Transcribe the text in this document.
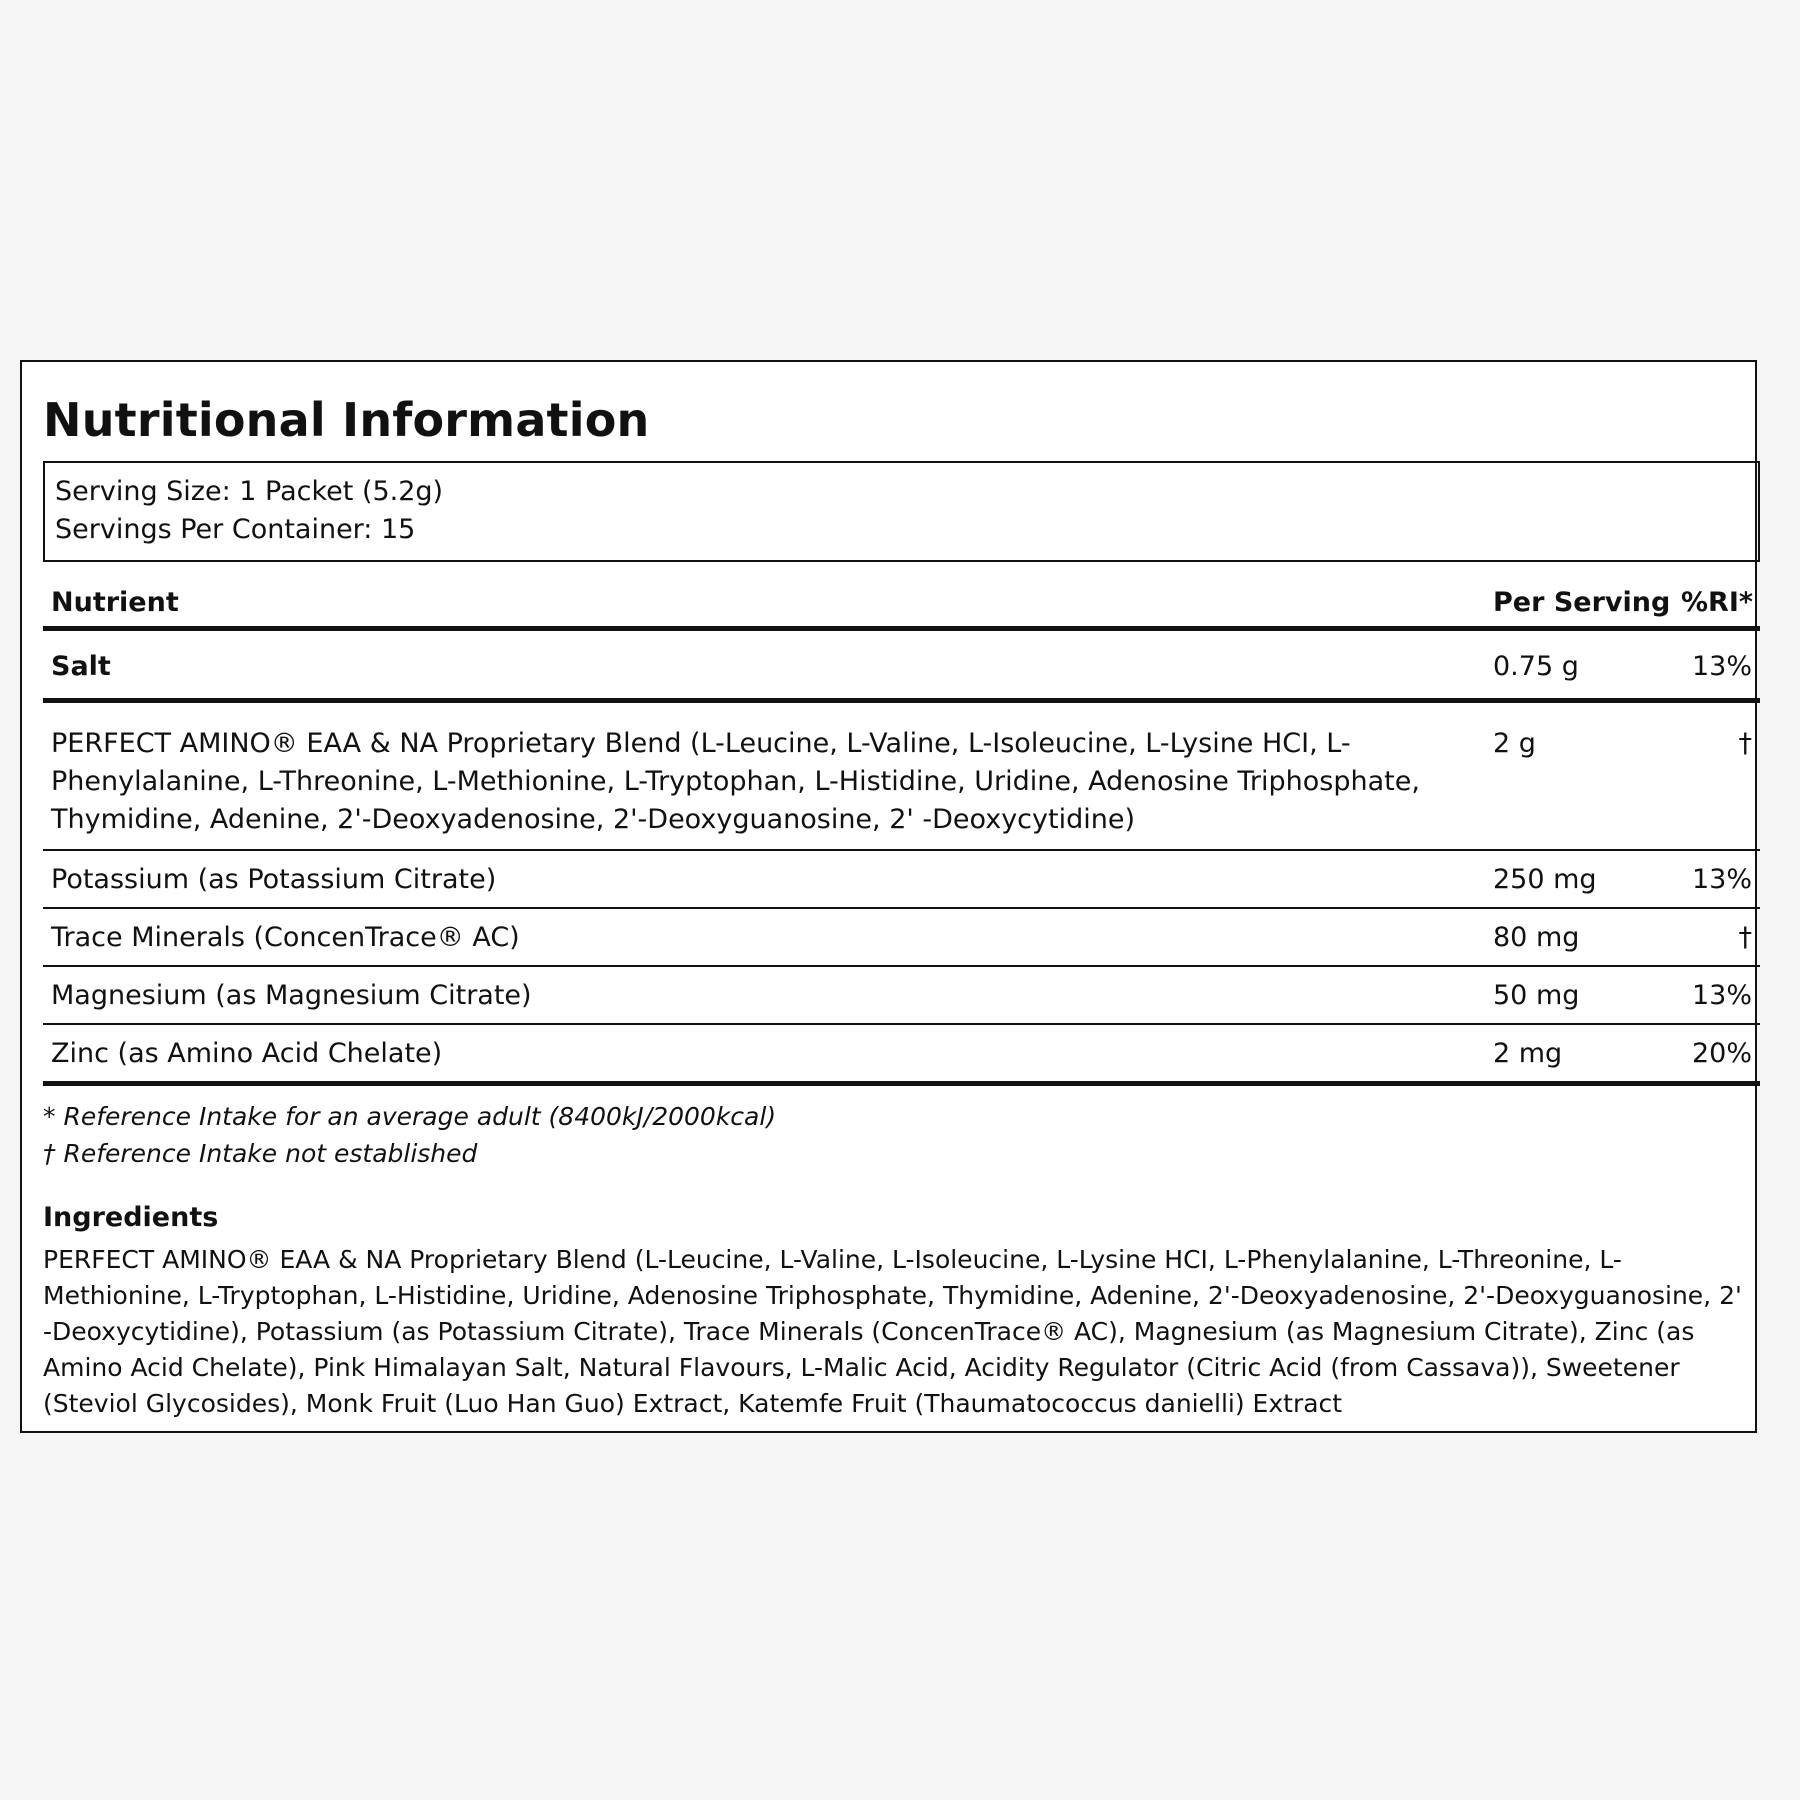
Nutritional Information
Serving Size: 1 Packet (5.2g)
Servings Per Container: 15
Nutrient	Per Serving	%RI*
Salt	0.75 g	13%
PERFECT AMINO® EAA & NA Proprietary Blend (L-Leucine, L-Valine, L-Isoleucine, L-Lysine HCI, L-Phenylalanine, L-Threonine, L-Methionine, L-Tryptophan, L-Histidine, Uridine, Adenosine Triphosphate, Thymidine, Adenine, 2'-Deoxyadenosine, 2'-Deoxyguanosine, 2' -Deoxycytidine)	2 g	†
Potassium (as Potassium Citrate)	250 mg	13%
Trace Minerals (ConcenTrace® AC)	80 mg	†
Magnesium (as Magnesium Citrate)	50 mg	13%
Zinc (as Amino Acid Chelate)	2 mg	20%
* Reference Intake for an average adult (8400kJ/2000kcal)
† Reference Intake not established
Ingredients

PERFECT AMINO® EAA & NA Proprietary Blend (L-Leucine, L-Valine, L-Isoleucine, L-Lysine HCI, L-Phenylalanine, L-Threonine, L-Methionine, L-Tryptophan, L-Histidine, Uridine, Adenosine Triphosphate, Thymidine, Adenine, 2'-Deoxyadenosine, 2'-Deoxyguanosine, 2' -Deoxycytidine), Potassium (as Potassium Citrate), Trace Minerals (ConcenTrace® AC), Magnesium (as Magnesium Citrate), Zinc (as Amino Acid Chelate), Pink Himalayan Salt, Natural Flavours, L-Malic Acid, Acidity Regulator (Citric Acid (from Cassava)), Sweetener (Steviol Glycosides), Monk Fruit (Luo Han Guo) Extract, Katemfe Fruit (Thaumatococcus danielli) Extract
